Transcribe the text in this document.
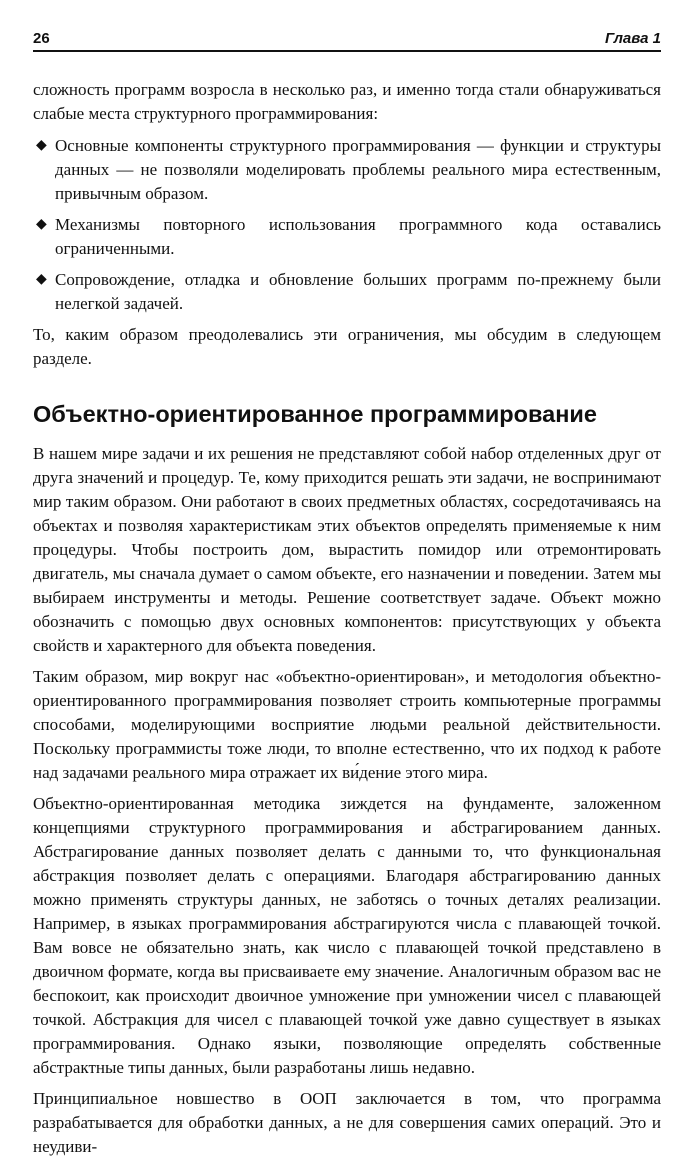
26	Глава 1

сложность программ возросла в несколько раз, и именно тогда стали обнаруживаться слабые места структурного программирования:

◆ Основные компоненты структурного программирования — функции и структуры данных — не позволяли моделировать проблемы реального мира естественным, привычным образом.
◆ Механизмы повторного использования программного кода оставались ограниченными.
◆ Сопровождение, отладка и обновление больших программ по-прежнему были нелегкой задачей.

То, каким образом преодолевались эти ограничения, мы обсудим в следующем разделе.

Объектно-ориентированное программирование

В нашем мире задачи и их решения не представляют собой набор отделенных друг от друга значений и процедур. Те, кому приходится решать эти задачи, не воспринимают мир таким образом. Они работают в своих предметных областях, сосредотачиваясь на объектах и позволяя характеристикам этих объектов определять применяемые к ним процедуры. Чтобы построить дом, вырастить помидор или отремонтировать двигатель, мы сначала думает о самом объекте, его назначении и поведении. Затем мы выбираем инструменты и методы. Решение соответствует задаче. Объект можно обозначить с помощью двух основных компонентов: присутствующих у объекта свойств и характерного для объекта поведения.

Таким образом, мир вокруг нас «объектно-ориентирован», и методология объектно-ориентированного программирования позволяет строить компьютерные программы способами, моделирующими восприятие людьми реальной действительности. Поскольку программисты тоже люди, то вполне естественно, что их подход к работе над задачами реального мира отражает их ви́дение этого мира.

Объектно-ориентированная методика зиждется на фундаменте, заложенном концепциями структурного программирования и абстрагированием данных. Абстрагирование данных позволяет делать с данными то, что функциональная абстракция позволяет делать с операциями. Благодаря абстрагированию данных можно применять структуры данных, не заботясь о точных деталях реализации. Например, в языках программирования абстрагируются числа с плавающей точкой. Вам вовсе не обязательно знать, как число с плавающей точкой представлено в двоичном формате, когда вы присваиваете ему значение. Аналогичным образом вас не беспокоит, как происходит двоичное умножение при умножении чисел с плавающей точкой. Абстракция для чисел с плавающей точкой уже давно существует в языках программирования. Однако языки, позволяющие определять собственные абстрактные типы данных, были разработаны лишь недавно.

Принципиальное новшество в ООП заключается в том, что программа разрабатывается для обработки данных, а не для совершения самих операций. Это и неудиви-
